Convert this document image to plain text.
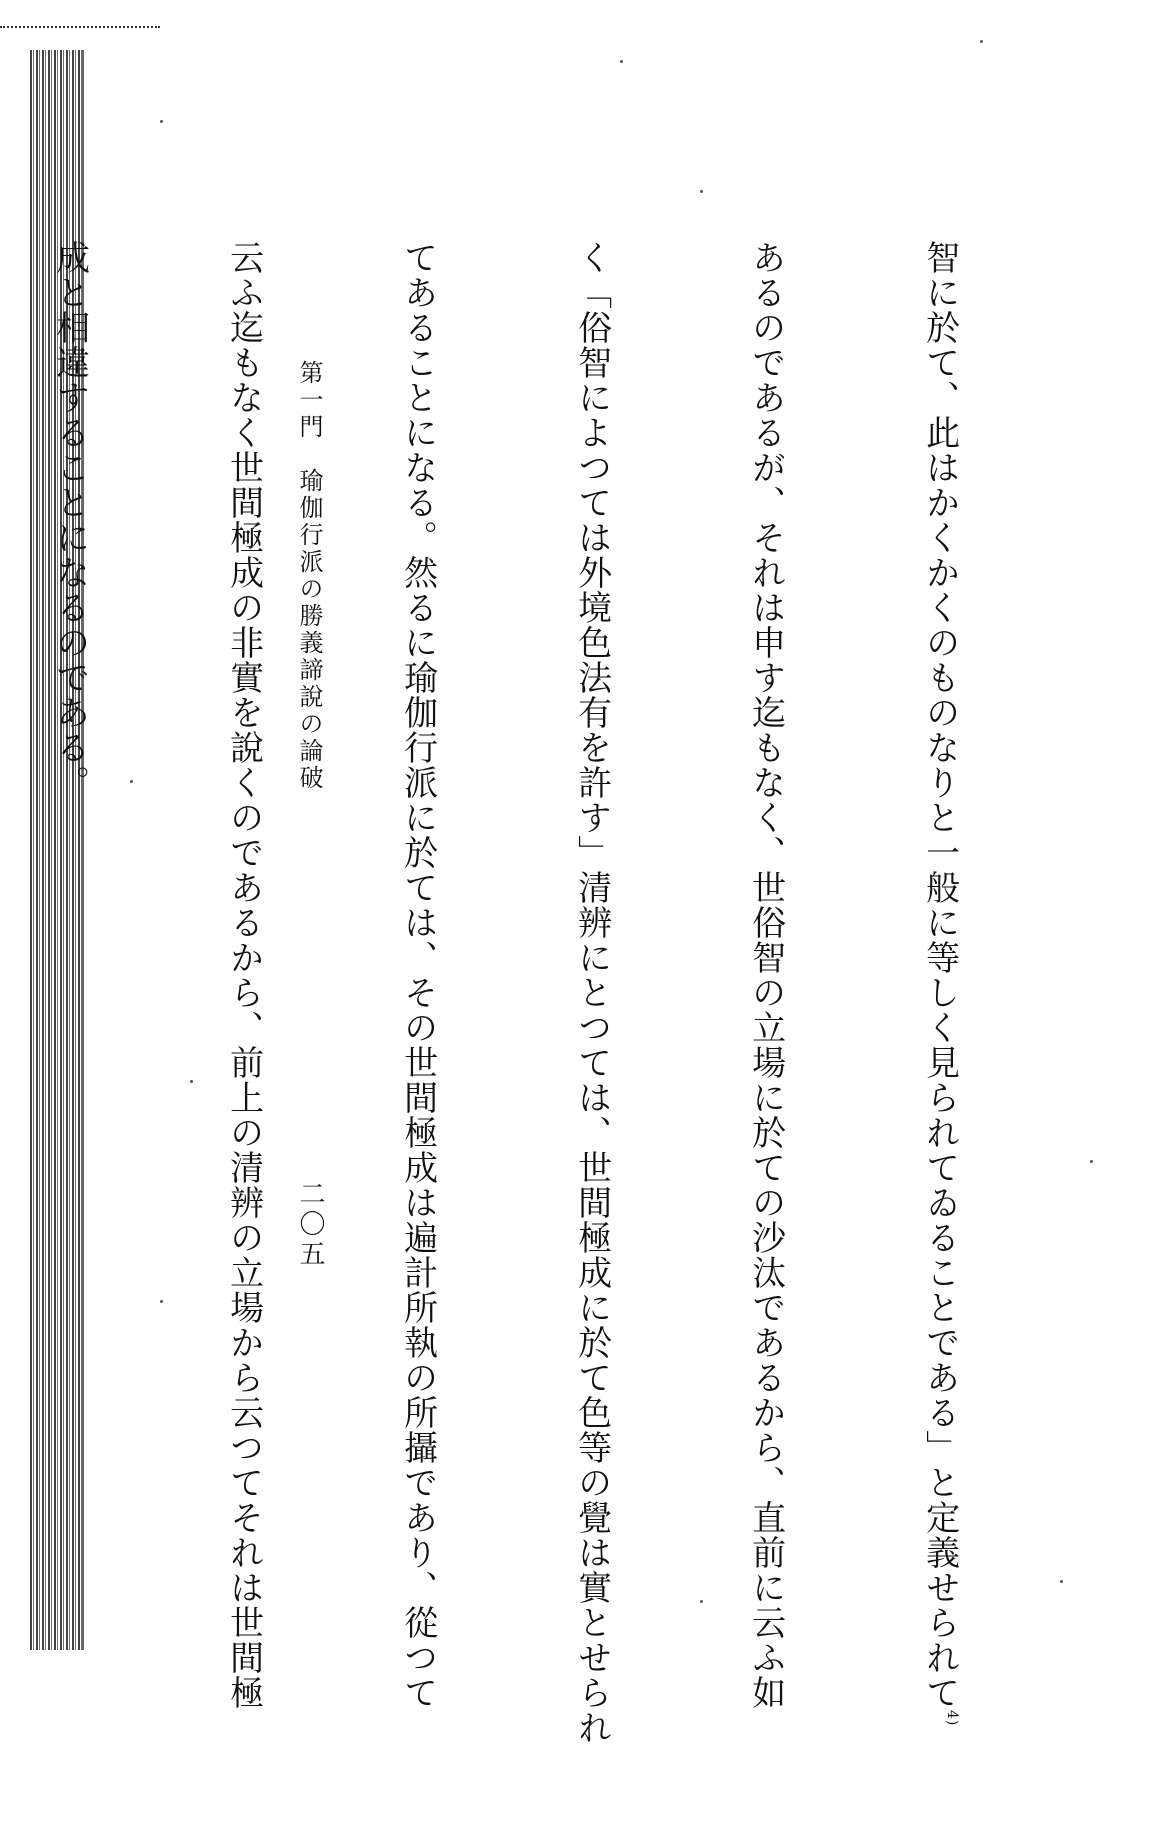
智に於て、此はかくかくのものなりと一般に等しく見られてゐることである」と定義せられて$^{4)}$

あるのであるが、それは申す迄もなく、世俗智の立場に於ての沙汰であるから、直前に云ふ如

く「俗智によつては外境色法有を許す」清辨にとつては、世間極成に於て色等の覺は實とせられ

てあることになる。然るに瑜伽行派に於ては、その世間極成は遍計所執の所攝であり、從つて

云ふ迄もなく世間極成の非實を說くのであるから、前上の清辨の立場から云つてそれは世間極

成と相違することになるのである。

	第一門　瑜伽行派の勝義諦說の論破
二〇五
